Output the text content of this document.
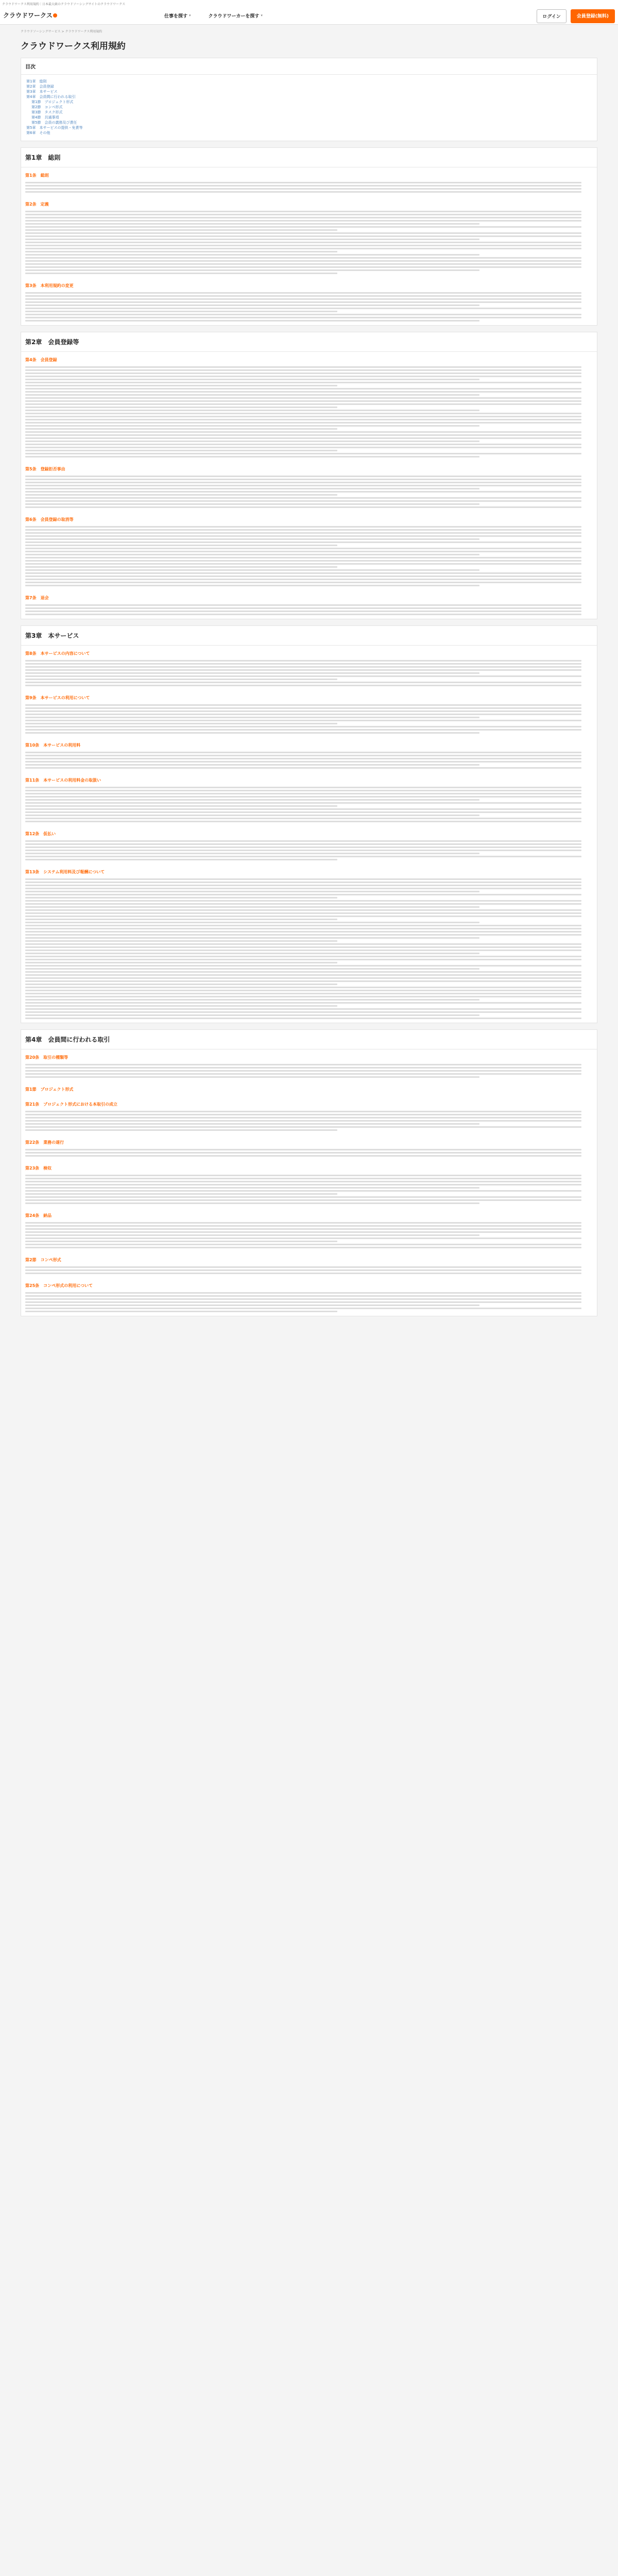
クラウドワークス利用規約｜日本最大級のクラウドソーシングサイトのクラウドワークス
クラウドワークス	仕事を探す ▾	クラウドワーカーを探す ▾	ログイン	会員登録(無料)
クラウドソーシングサービス > クラウドワークス利用規約
クラウドワークス利用規約
目次
第1章　総則
第2章　会員登録
第3章　本サービス
第4章　会員間に行われる取引
第1節　プロジェクト形式
第2節　コンペ形式
第3節　タスク形式
第4節　共通事項
第5節　会員の義務及び責任
第5章　本サービスの提供・免責等
第6章　その他
第1章　総則
第1条　総則
第2条　定義
第3条　本利用規約の変更
第2章　会員登録等
第4条　会員登録
第5条　登録拒否事由
第6条　会員登録の取消等
第7条　退会
第3章　本サービス
第8条　本サービスの内容について
第9条　本サービスの利用について
第10条　本サービスの利用料
第11条　本サービスの利用料金の取扱い
第12条　仮払い
第13条　システム利用料及び報酬について
第4章　会員間に行われる取引
第20条　取引の種類等
第1節　プロジェクト形式
第21条　プロジェクト形式における本取引の成立
第22条　業務の遂行
第23条　検収
第24条　納品
第2節　コンペ形式
第25条　コンペ形式の利用について
